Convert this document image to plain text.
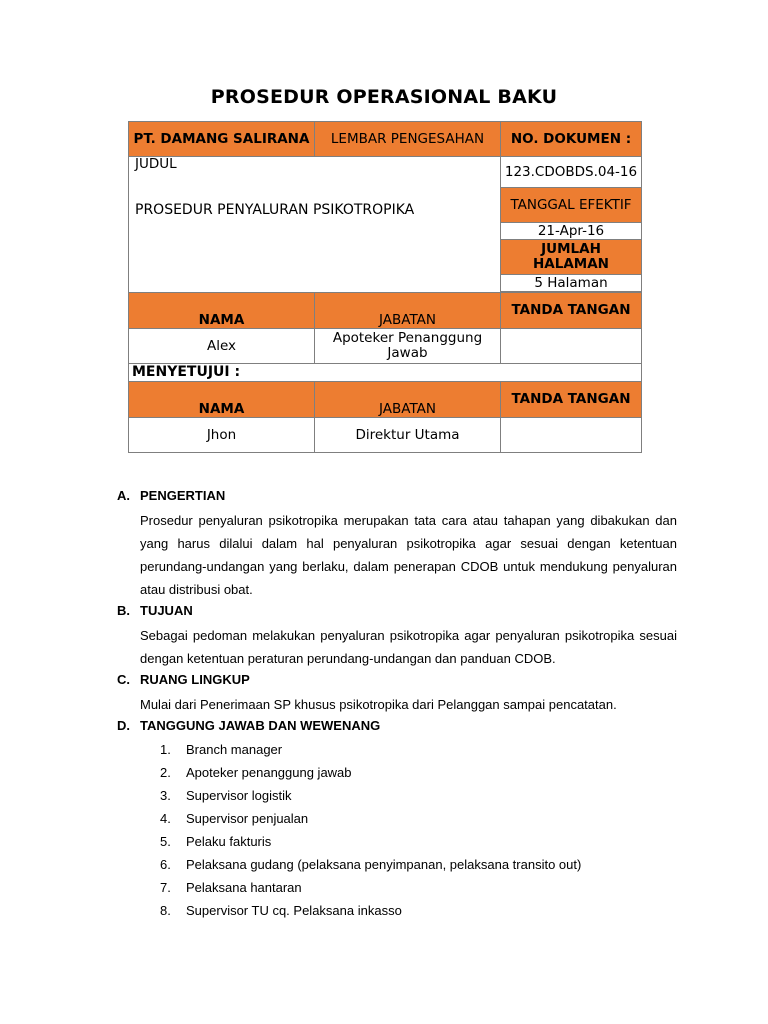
PROSEDUR OPERASIONAL BAKU
PT. DAMANG SALIRANA	LEMBAR PENGESAHAN	NO. DOKUMEN :

JUDUL
PROSEDUR PENYALURAN PSIKOTROPIKA		123.CDOBDS.04-16
		TANGGAL EFEKTIF
		21-Apr-16
		JUMLAH HALAMAN
		5 Halaman

NAMA	JABATAN	TANDA TANGAN
Alex	Apoteker Penanggung Jawab	
MENYETUJUI :		
NAMA	JABATAN	TANDA TANGAN
Jhon	Direktur Utama	
A. PENGERTIAN
Prosedur penyaluran psikotropika merupakan tata cara atau tahapan yang dibakukan dan yang harus dilalui dalam hal penyaluran psikotropika agar sesuai dengan ketentuan perundang-undangan yang berlaku, dalam penerapan CDOB untuk mendukung penyaluran atau distribusi obat.
B. TUJUAN
Sebagai pedoman melakukan penyaluran psikotropika agar penyaluran psikotropika sesuai dengan ketentuan peraturan perundang-undangan dan panduan CDOB.
C. RUANG LINGKUP
Mulai dari Penerimaan SP khusus psikotropika dari Pelanggan sampai pencatatan.
D. TANGGUNG JAWAB DAN WEWENANG
1. Branch manager
2. Apoteker penanggung jawab
3. Supervisor logistik
4. Supervisor penjualan
5. Pelaku fakturis
6. Pelaksana gudang (pelaksana penyimpanan, pelaksana transito out)
7. Pelaksana hantaran
8. Supervisor TU cq. Pelaksana inkasso
